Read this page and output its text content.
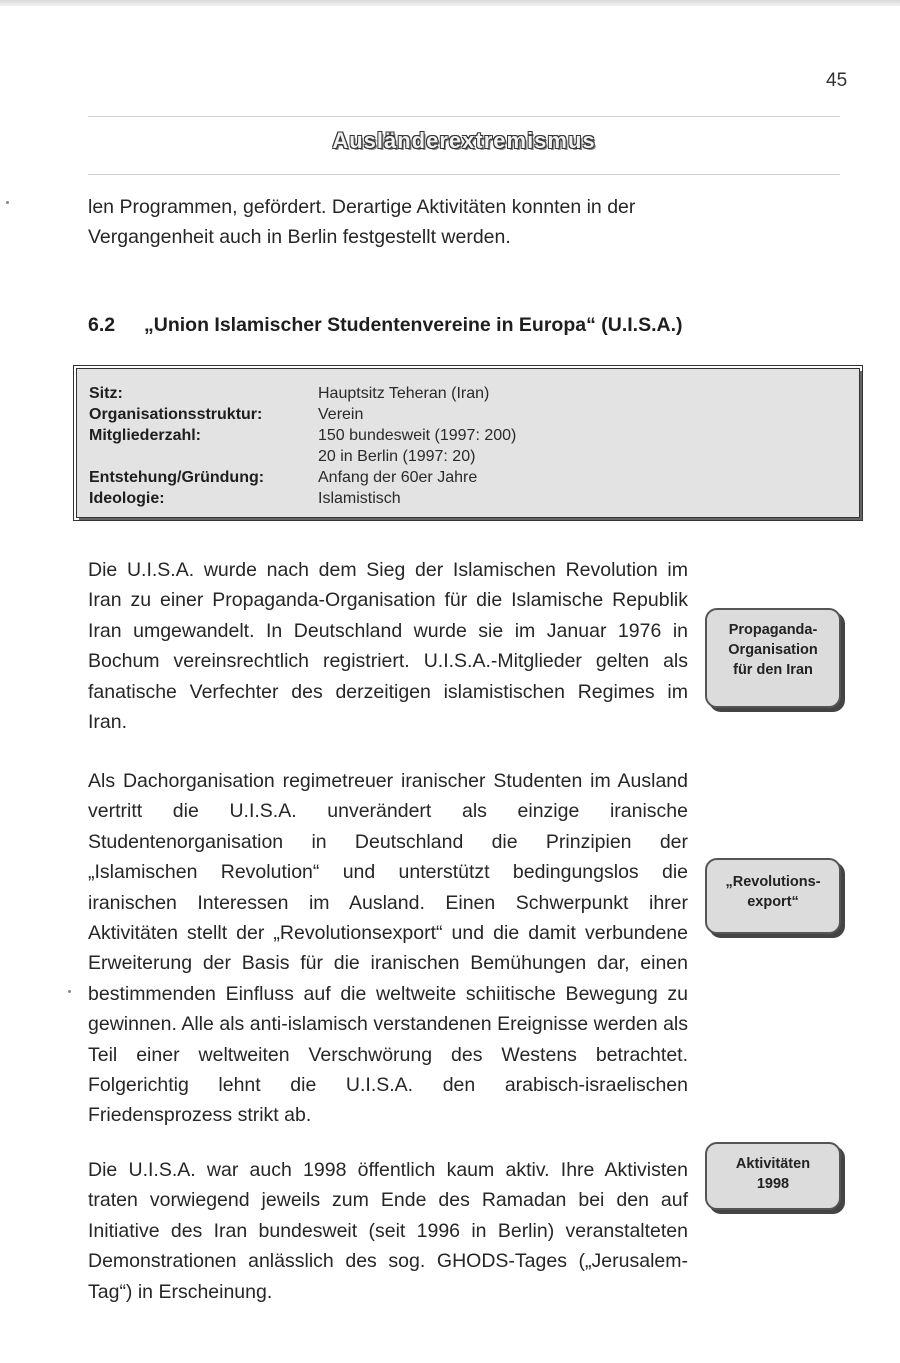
45
Ausländerextremismus

len Programmen, gefördert. Derartige Aktivitäten konnten in der Vergangenheit auch in Berlin festgestellt werden.

6.2 „Union Islamischer Studentenvereine in Europa“ (U.I.S.A.)
Sitz:	Hauptsitz Teheran (Iran)
Organisationsstruktur:	Verein
Mitgliederzahl:	150 bundesweit (1997: 200)
20 in Berlin (1997: 20)
Entstehung/Gründung:	Anfang der 60er Jahre
Ideologie:	Islamistisch

Die U.I.S.A. wurde nach dem Sieg der Islamischen Revolution im Iran zu einer Propaganda-Organisation für die Islamische Republik Iran umgewandelt. In Deutschland wurde sie im Januar 1976 in Bochum vereinsrechtlich registriert. U.I.S.A.-Mitglieder gelten als fanatische Verfechter des derzeitigen islamistischen Regimes im Iran.

Als Dachorganisation regimetreuer iranischer Studenten im Ausland vertritt die U.I.S.A. unverändert als einzige iranische Studentenorganisation in Deutschland die Prinzipien der „Islamischen Revolution“ und unterstützt bedingungslos die iranischen Interessen im Ausland. Einen Schwerpunkt ihrer Aktivitäten stellt der „Revolutionsexport“ und die damit verbundene Erweiterung der Basis für die iranischen Bemühungen dar, einen bestimmenden Einfluss auf die weltweite schiitische Bewegung zu gewinnen. Alle als anti-islamisch verstandenen Ereignisse werden als Teil einer weltweiten Verschwörung des Westens betrachtet. Folgerichtig lehnt die U.I.S.A. den arabisch-israelischen Friedensprozess strikt ab.

Die U.I.S.A. war auch 1998 öffentlich kaum aktiv. Ihre Aktivisten traten vorwiegend jeweils zum Ende des Ramadan bei den auf Initiative des Iran bundesweit (seit 1996 in Berlin) veranstalteten Demonstrationen anlässlich des sog. GHODS-Tages („Jerusalem-Tag“) in Erscheinung.

Propaganda-
Organisation
für den Iran
„Revolutions-
export“
Aktivitäten
1998
